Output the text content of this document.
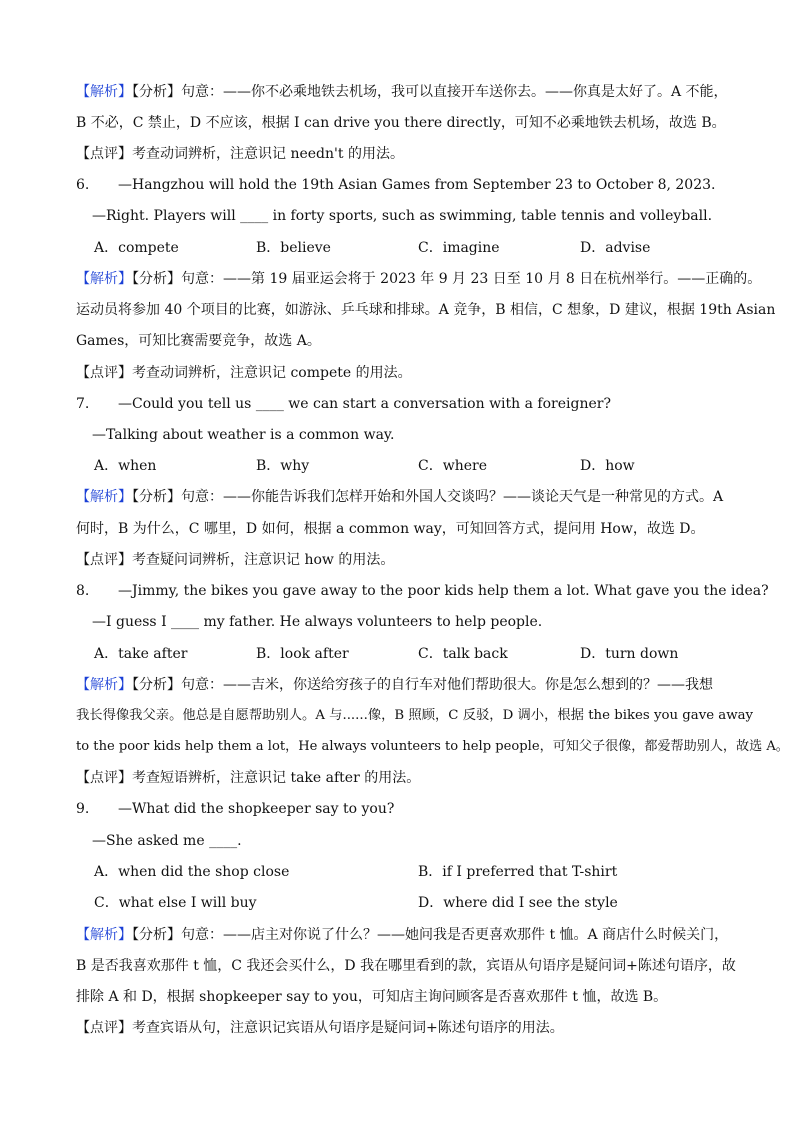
【解析】【分析】句意：——你不必乘地铁去机场，我可以直接开车送你去。——你真是太好了。A 不能，
B 不必，C 禁止，D 不应该，根据 I can drive you there directly，可知不必乘地铁去机场，故选 B。
【点评】考查动词辨析，注意识记 needn't 的用法。
6. —Hangzhou will hold the 19th Asian Games from September 23 to October 8, 2023.
—Right. Players will ____ in forty sports, such as swimming, table tennis and volleyball.
A．compete	B．believe	C．imagine	D．advise
【解析】【分析】句意：——第 19 届亚运会将于 2023 年 9 月 23 日至 10 月 8 日在杭州举行。——正确的。
运动员将参加 40 个项目的比赛，如游泳、乒乓球和排球。A 竞争，B 相信，C 想象，D 建议，根据 19th Asian
Games，可知比赛需要竞争，故选 A。
【点评】考查动词辨析，注意识记 compete 的用法。
7. —Could you tell us ____ we can start a conversation with a foreigner?
—Talking about weather is a common way.
A．when	B．why	C．where	D．how
【解析】【分析】句意：——你能告诉我们怎样开始和外国人交谈吗？——谈论天气是一种常见的方式。A
何时，B 为什么，C 哪里，D 如何，根据 a common way，可知回答方式，提问用 How，故选 D。
【点评】考查疑问词辨析，注意识记 how 的用法。
8. —Jimmy, the bikes you gave away to the poor kids help them a lot. What gave you the idea?
—I guess I ____ my father. He always volunteers to help people.
A．take after	B．look after	C．talk back	D．turn down
【解析】【分析】句意：——吉米，你送给穷孩子的自行车对他们帮助很大。你是怎么想到的？——我想
我长得像我父亲。他总是自愿帮助别人。A 与......像，B 照顾，C 反驳，D 调小，根据 the bikes you gave away
to the poor kids help them a lot，He always volunteers to help people，可知父子很像，都爱帮助别人，故选 A。
【点评】考查短语辨析，注意识记 take after 的用法。
9. —What did the shopkeeper say to you?
—She asked me ____.
A．when did the shop close	B．if I preferred that T-shirt
C．what else I will buy	D．where did I see the style
【解析】【分析】句意：——店主对你说了什么？——她问我是否更喜欢那件 t 恤。A 商店什么时候关门，
B 是否我喜欢那件 t 恤，C 我还会买什么，D 我在哪里看到的款，宾语从句语序是疑问词+陈述句语序，故
排除 A 和 D，根据 shopkeeper say to you，可知店主询问顾客是否喜欢那件 t 恤，故选 B。
【点评】考查宾语从句，注意识记宾语从句语序是疑问词+陈述句语序的用法。
